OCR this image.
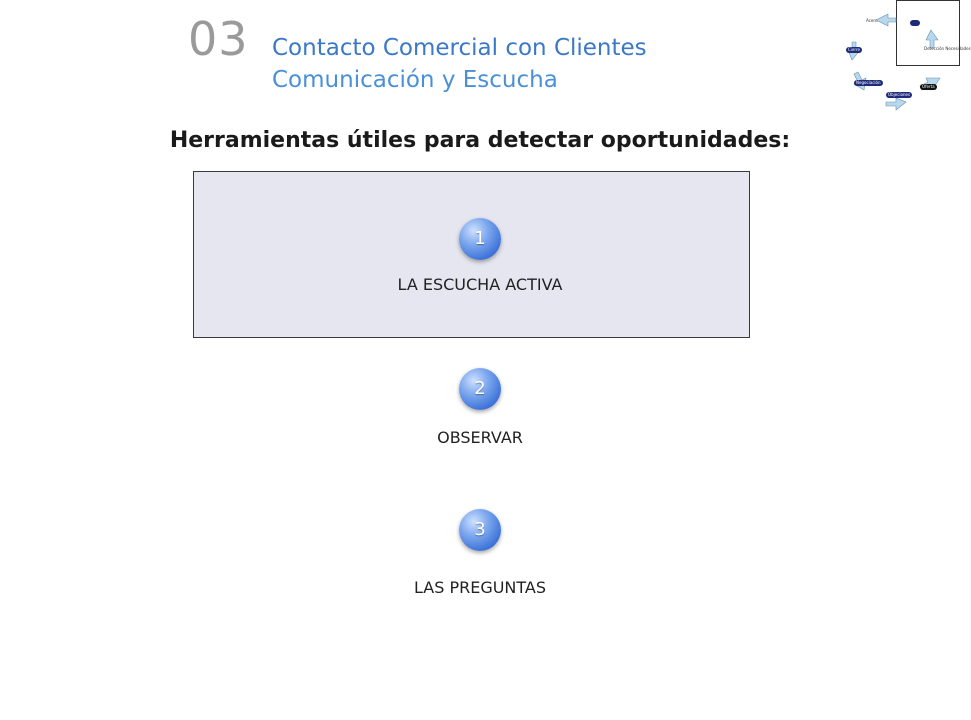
03 Contacto Comercial con Clientes
Comunicación y Escucha

Acerc.
Cierre	Detección Necesidades
Negociación
Objeciones
Oferta
Herramientas útiles para detectar oportunidades:
1
LA ESCUCHA ACTIVA
2
OBSERVAR
3
LAS PREGUNTAS
